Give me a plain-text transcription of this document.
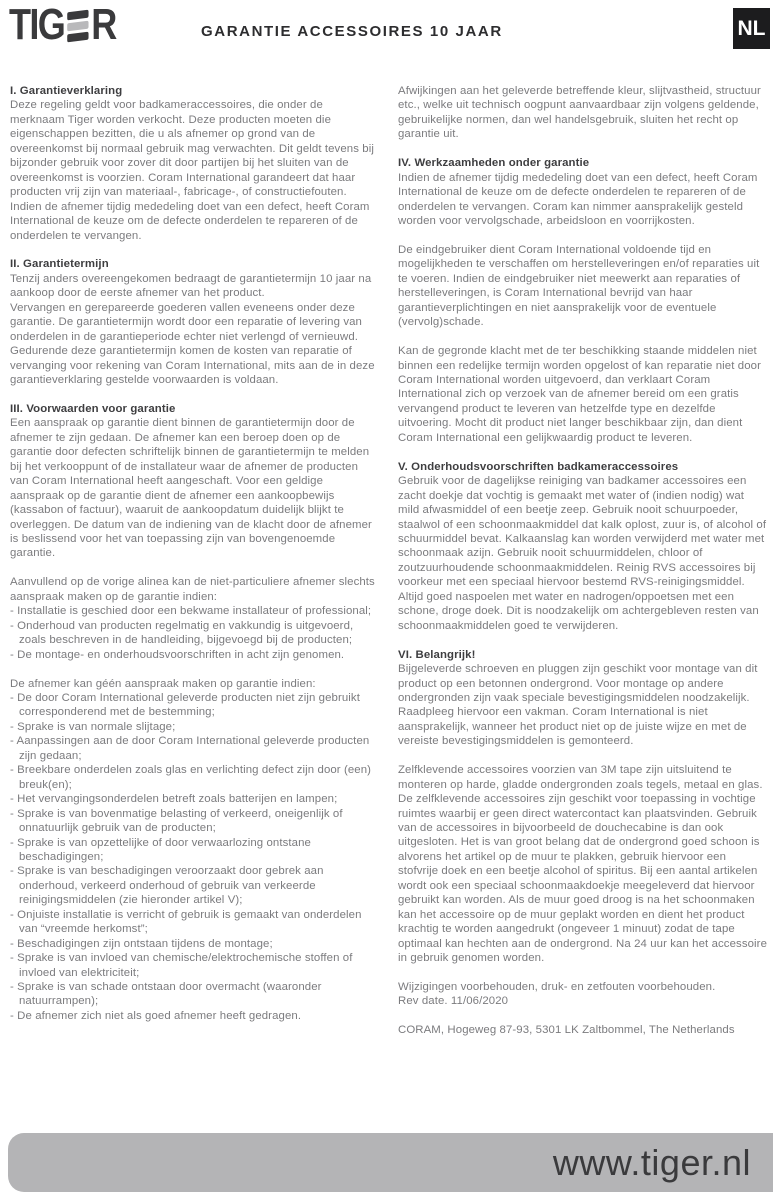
TIG R	GARANTIE ACCESSOIRES 10 JAAR	NL
I. Garantieverklaring
Deze regeling geldt voor badkameraccessoires, die onder de merknaam Tiger worden verkocht. Deze producten moeten die eigenschappen bezitten, die u als afnemer op grond van de overeenkomst bij normaal gebruik mag verwachten. Dit geldt tevens bij bijzonder gebruik voor zover dit door partijen bij het sluiten van de overeenkomst is voorzien. Coram International garandeert dat haar producten vrij zijn van materiaal-, fabricage-, of constructiefouten. Indien de afnemer tijdig mededeling doet van een defect, heeft Coram International de keuze om de defecte onderdelen te repareren of de onderdelen te vervangen.
II. Garantietermijn
Tenzij anders overeengekomen bedraagt de garantietermijn 10 jaar na aankoop door de eerste afnemer van het product.
Vervangen en gerepareerde goederen vallen eveneens onder deze garantie. De garantietermijn wordt door een reparatie of levering van onderdelen in de garantieperiode echter niet verlengd of vernieuwd.
Gedurende deze garantietermijn komen de kosten van reparatie of vervanging voor rekening van Coram International, mits aan de in deze garantieverklaring gestelde voorwaarden is voldaan.
III. Voorwaarden voor garantie
Een aanspraak op garantie dient binnen de garantietermijn door de afnemer te zijn gedaan. De afnemer kan een beroep doen op de garantie door defecten schriftelijk binnen de garantietermijn te melden bij het verkooppunt of de installateur waar de afnemer de producten van Coram International heeft aangeschaft. Voor een geldige aanspraak op de garantie dient de afnemer een aankoopbewijs (kassabon of factuur), waaruit de aankoopdatum duidelijk blijkt te overleggen. De datum van de indiening van de klacht door de afnemer is beslissend voor het van toepassing zijn van bovengenoemde garantie.
Aanvullend op de vorige alinea kan de niet-particuliere afnemer slechts aanspraak maken op de garantie indien:
- Installatie is geschied door een bekwame installateur of professional;
- Onderhoud van producten regelmatig en vakkundig is uitgevoerd, zoals beschreven in de handleiding, bijgevoegd bij de producten;
- De montage- en onderhoudsvoorschriften in acht zijn genomen.
De afnemer kan géén aanspraak maken op garantie indien:
- De door Coram International geleverde producten niet zijn gebruikt corresponderend met de bestemming;
- Sprake is van normale slijtage;
- Aanpassingen aan de door Coram International geleverde producten zijn gedaan;
- Breekbare onderdelen zoals glas en verlichting defect zijn door (een) breuk(en);
- Het vervangingsonderdelen betreft zoals batterijen en lampen;
- Sprake is van bovenmatige belasting of verkeerd, oneigenlijk of onnatuurlijk gebruik van de producten;
- Sprake is van opzettelijke of door verwaarlozing ontstane beschadigingen;
- Sprake is van beschadigingen veroorzaakt door gebrek aan onderhoud, verkeerd onderhoud of gebruik van verkeerde reinigingsmiddelen (zie hieronder artikel V);
- Onjuiste installatie is verricht of gebruik is gemaakt van onderdelen van “vreemde herkomst”;
- Beschadigingen zijn ontstaan tijdens de montage;
- Sprake is van invloed van chemische/elektrochemische stoffen of invloed van elektriciteit;
- Sprake is van schade ontstaan door overmacht (waaronder natuurrampen);
- De afnemer zich niet als goed afnemer heeft gedragen.
Afwijkingen aan het geleverde betreffende kleur, slijtvastheid, structuur etc., welke uit technisch oogpunt aanvaardbaar zijn volgens geldende, gebruikelijke normen, dan wel handelsgebruik, sluiten het recht op garantie uit.
IV. Werkzaamheden onder garantie
Indien de afnemer tijdig mededeling doet van een defect, heeft Coram International de keuze om de defecte onderdelen te repareren of de onderdelen te vervangen. Coram kan nimmer aansprakelijk gesteld worden voor vervolgschade, arbeidsloon en voorrijkosten.
De eindgebruiker dient Coram International voldoende tijd en mogelijkheden te verschaffen om herstelleveringen en/of reparaties uit te voeren. Indien de eindgebruiker niet meewerkt aan reparaties of herstelleveringen, is Coram International bevrijd van haar garantieverplichtingen en niet aansprakelijk voor de eventuele (vervolg)schade.
Kan de gegronde klacht met de ter beschikking staande middelen niet binnen een redelijke termijn worden opgelost of kan reparatie niet door Coram International worden uitgevoerd, dan verklaart Coram International zich op verzoek van de afnemer bereid om een gratis vervangend product te leveren van hetzelfde type en dezelfde uitvoering. Mocht dit product niet langer beschikbaar zijn, dan dient Coram International een gelijkwaardig product te leveren.
V. Onderhoudsvoorschriften badkameraccessoires
Gebruik voor de dagelijkse reiniging van badkamer accessoires een zacht doekje dat vochtig is gemaakt met water of (indien nodig) wat mild afwasmiddel of een beetje zeep. Gebruik nooit schuurpoeder, staalwol of een schoonmaakmiddel dat kalk oplost, zuur is, of alcohol of schuurmiddel bevat. Kalkaanslag kan worden verwijderd met water met schoonmaak azijn. Gebruik nooit schuurmiddelen, chloor of zoutzuurhoudende schoonmaakmiddelen. Reinig RVS accessoires bij voorkeur met een speciaal hiervoor bestemd RVS-reinigingsmiddel. Altijd goed naspoelen met water en nadrogen/oppoetsen met een schone, droge doek. Dit is noodzakelijk om achtergebleven resten van schoonmaakmiddelen goed te verwijderen.
VI. Belangrijk!
Bijgeleverde schroeven en pluggen zijn geschikt voor montage van dit product op een betonnen ondergrond. Voor montage op andere ondergronden zijn vaak speciale bevestigingsmiddelen noodzakelijk. Raadpleeg hiervoor een vakman. Coram International is niet aansprakelijk, wanneer het product niet op de juiste wijze en met de vereiste bevestigingsmiddelen is gemonteerd.
Zelfklevende accessoires voorzien van 3M tape zijn uitsluitend te monteren op harde, gladde ondergronden zoals tegels, metaal en glas. De zelfklevende accessoires zijn geschikt voor toepassing in vochtige ruimtes waarbij er geen direct watercontact kan plaatsvinden. Gebruik van de accessoires in bijvoorbeeld de douchecabine is dan ook uitgesloten. Het is van groot belang dat de ondergrond goed schoon is alvorens het artikel op de muur te plakken, gebruik hiervoor een stofvrije doek en een beetje alcohol of spiritus. Bij een aantal artikelen wordt ook een speciaal schoonmaakdoekje meegeleverd dat hiervoor gebruikt kan worden. Als de muur goed droog is na het schoonmaken kan het accessoire op de muur geplakt worden en dient het product krachtig te worden aangedrukt (ongeveer 1 minuut) zodat de tape optimaal kan hechten aan de ondergrond. Na 24 uur kan het accessoire in gebruik genomen worden.
Wijzigingen voorbehouden, druk- en zetfouten voorbehouden.
Rev date. 11/06/2020
CORAM, Hogeweg 87-93, 5301 LK Zaltbommel, The Netherlands
www.tiger.nl
